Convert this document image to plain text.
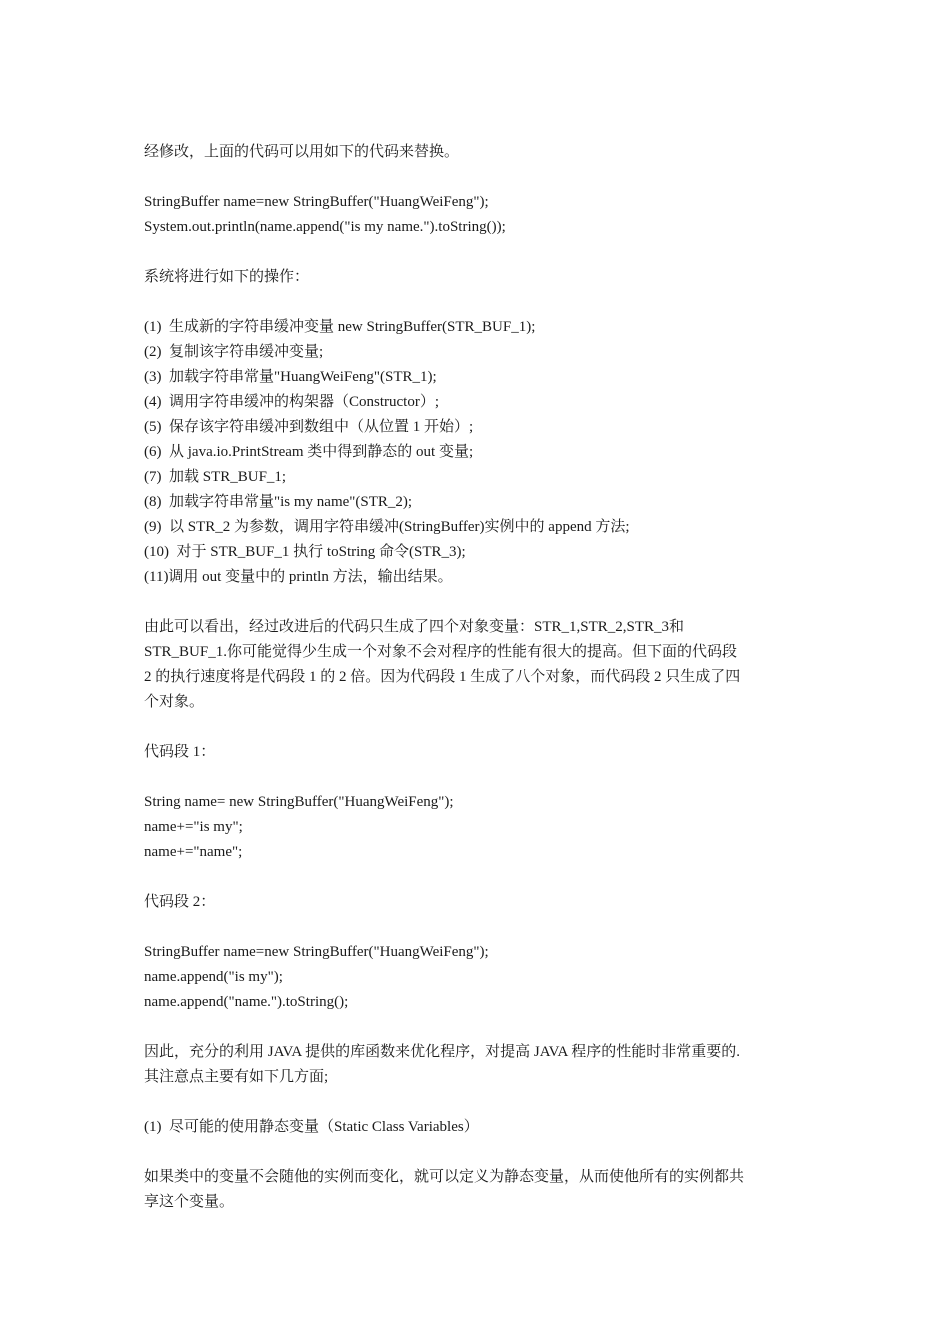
经修改，上面的代码可以用如下的代码来替换。
StringBuffer name=new StringBuffer("HuangWeiFeng");
System.out.println(name.append("is my name.").toString());
系统将进行如下的操作：
(1)  生成新的字符串缓冲变量 new StringBuffer(STR_BUF_1);
(2)  复制该字符串缓冲变量;
(3)  加载字符串常量"HuangWeiFeng"(STR_1);
(4)  调用字符串缓冲的构架器（Constructor）;
(5)  保存该字符串缓冲到数组中（从位置 1 开始）;
(6)  从 java.io.PrintStream 类中得到静态的 out 变量;
(7)  加载 STR_BUF_1;
(8)  加载字符串常量"is my name"(STR_2);
(9)  以 STR_2 为参数，调用字符串缓冲(StringBuffer)实例中的 append 方法;
(10)  对于 STR_BUF_1 执行 toString 命令(STR_3);
(11)调用 out 变量中的 println 方法，输出结果。
由此可以看出，经过改进后的代码只生成了四个对象变量：STR_1,STR_2,STR_3和
STR_BUF_1.你可能觉得少生成一个对象不会对程序的性能有很大的提高。但下面的代码段
2 的执行速度将是代码段 1 的 2 倍。因为代码段 1 生成了八个对象，而代码段 2 只生成了四
个对象。
代码段 1：
String name= new StringBuffer("HuangWeiFeng");
name+="is my";
name+="name";
代码段 2：
StringBuffer name=new StringBuffer("HuangWeiFeng");
name.append("is my");
name.append("name.").toString();
因此，充分的利用 JAVA 提供的库函数来优化程序，对提高 JAVA 程序的性能时非常重要的.
其注意点主要有如下几方面;
(1)  尽可能的使用静态变量（Static Class Variables）
如果类中的变量不会随他的实例而变化，就可以定义为静态变量，从而使他所有的实例都共
享这个变量。
